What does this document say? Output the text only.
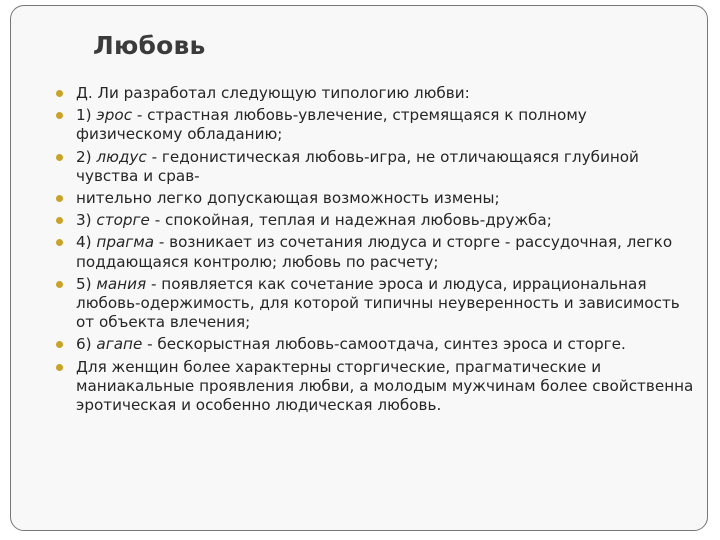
Любовь
Д. Ли разработал следующую типологию любви:
1) эрос - страстная любовь-увлечение, стремящаяся к полному физическому обладанию;
2) людус - гедонистическая любовь-игра, не отличающаяся глубиной чувства и срав-
нительно легко допускающая возможность измены;
3) сторге - спокойная, теплая и надежная любовь-дружба;
4) прагма - возникает из сочетания людуса и сторге - рассудочная, легко поддающаяся контролю; любовь по расчету;
5) мания - появляется как сочетание эроса и людуса, иррациональная любовь-одержимость, для которой типичны неуверенность и зависимость от объекта влечения;
6) агапе - бескорыстная любовь-самоотдача, синтез эроса и сторге.
Для женщин более характерны сторгические, прагматические и маниакальные проявления любви, а молодым мужчинам более свойственна эротическая и особенно людическая любовь.
